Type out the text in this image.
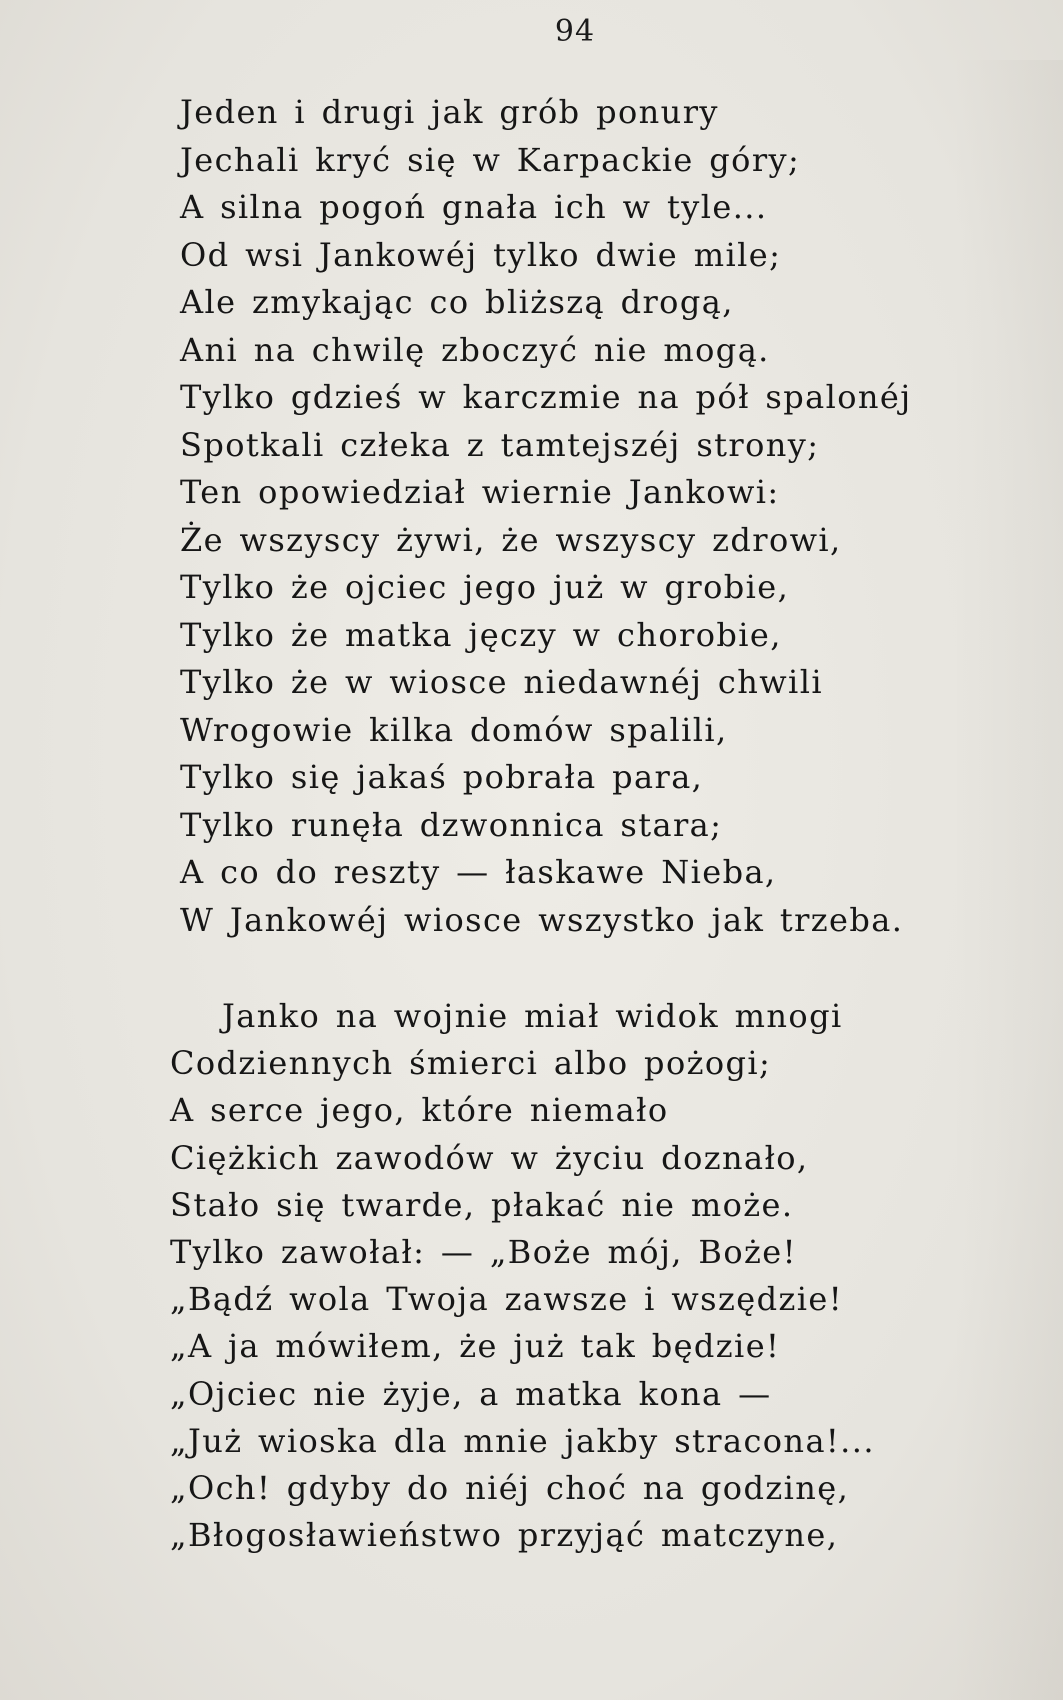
94
Jeden i drugi jak grób ponury
Jechali kryć się w Karpackie góry;
A silna pogoń gnała ich w tyle...
Od wsi Jankowéj tylko dwie mile;
Ale zmykając co bliższą drogą,
Ani na chwilę zboczyć nie mogą.
Tylko gdzieś w karczmie na pół spalonéj
Spotkali człeka z tamtejszéj strony;
Ten opowiedział wiernie Jankowi:
Że wszyscy żywi, że wszyscy zdrowi,
Tylko że ojciec jego już w grobie,
Tylko że matka jęczy w chorobie,
Tylko że w wiosce niedawnéj chwili
Wrogowie kilka domów spalili,
Tylko się jakaś pobrała para,
Tylko runęła dzwonnica stara;
A co do reszty — łaskawe Nieba,
W Jankowéj wiosce wszystko jak trzeba.
Janko na wojnie miał widok mnogi
Codziennych śmierci albo pożogi;
A serce jego, które niemało
Ciężkich zawodów w życiu doznało,
Stało się twarde, płakać nie może.
Tylko zawołał: — „Boże mój, Boże!
„Bądź wola Twoja zawsze i wszędzie!
„A ja mówiłem, że już tak będzie!
„Ojciec nie żyje, a matka kona —
„Już wioska dla mnie jakby stracona!...
„Och! gdyby do niéj choć na godzinę,
„Błogosławieństwo przyjąć matczyne,
